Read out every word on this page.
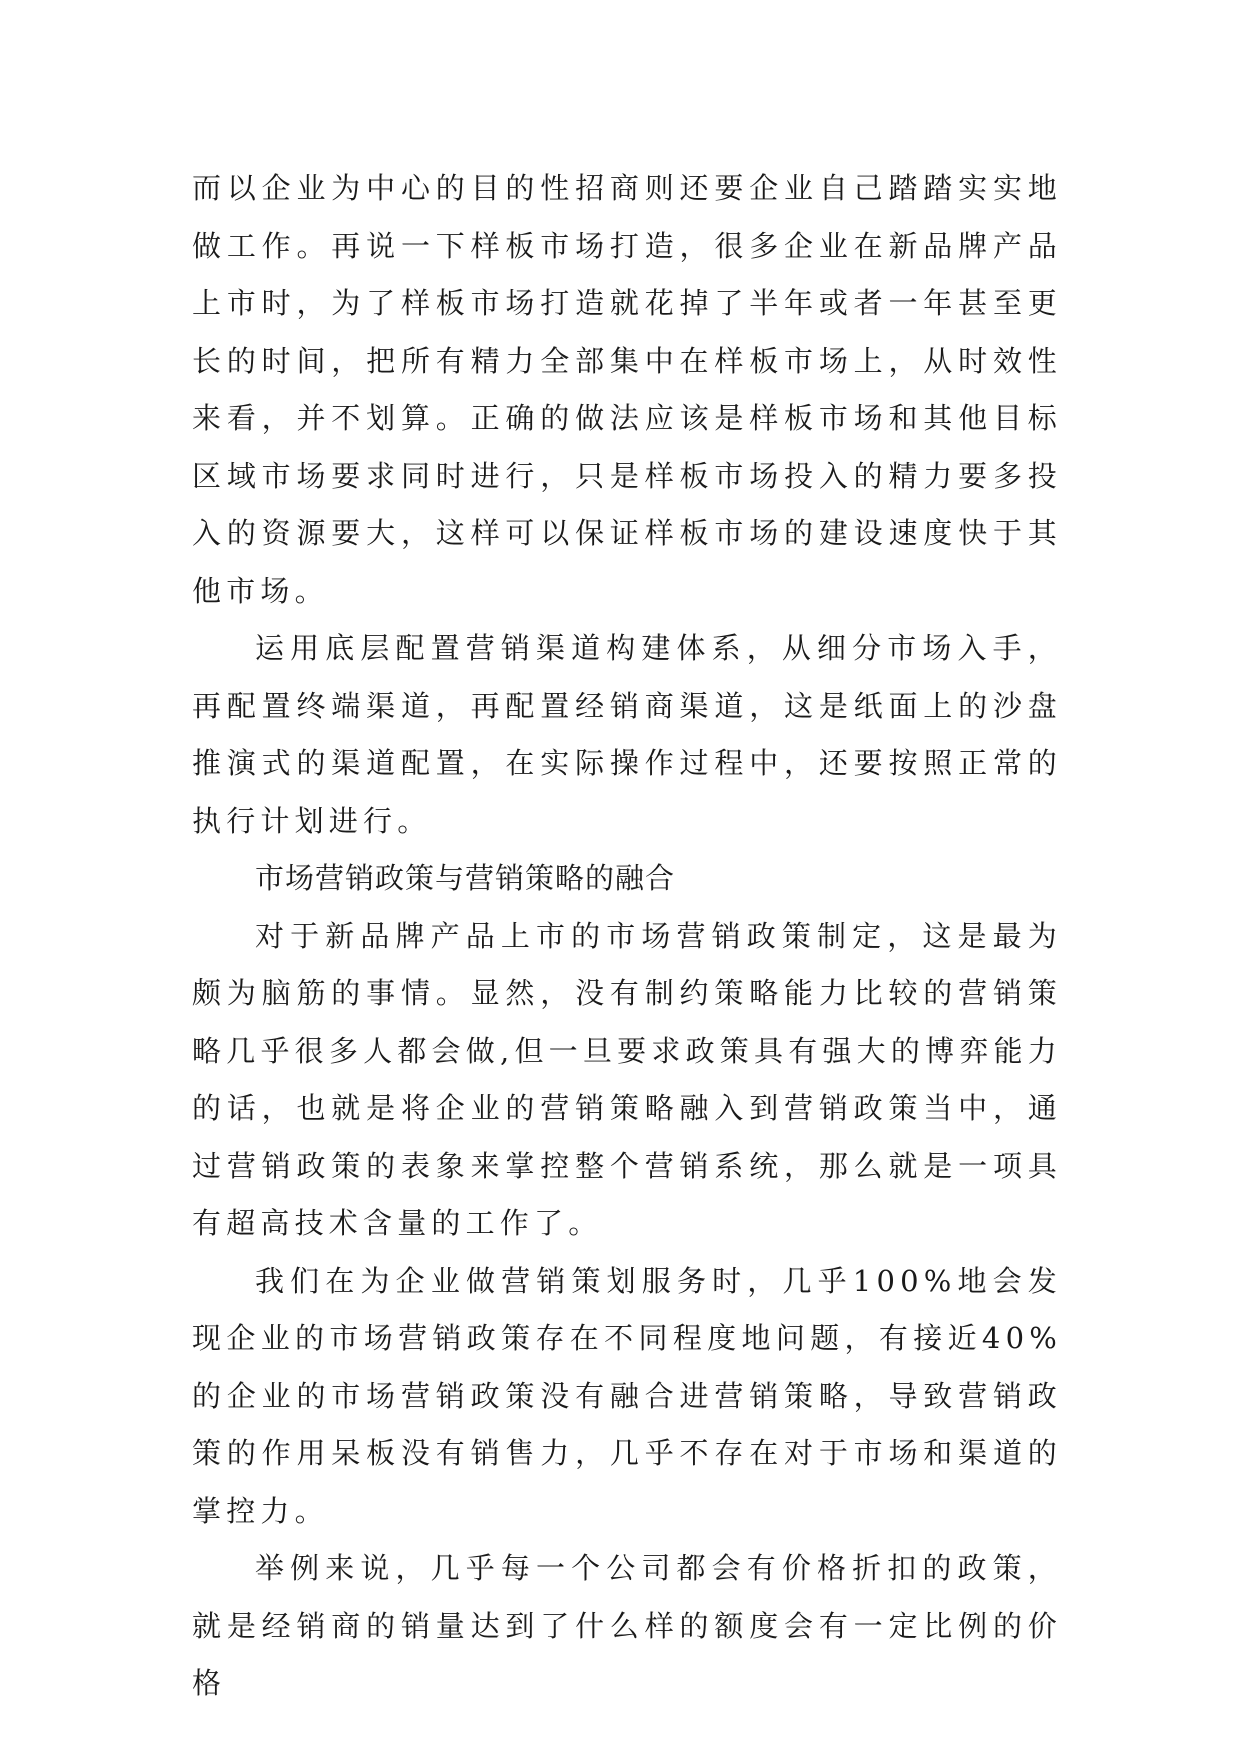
而以企业为中心的目的性招商则还要企业自己踏踏实实地做工作。再说一下样板市场打造，很多企业在新品牌产品上市时，为了样板市场打造就花掉了半年或者一年甚至更长的时间，把所有精力全部集中在样板市场上，从时效性来看，并不划算。正确的做法应该是样板市场和其他目标区域市场要求同时进行，只是样板市场投入的精力要多投入的资源要大，这样可以保证样板市场的建设速度快于其他市场。

运用底层配置营销渠道构建体系，从细分市场入手，再配置终端渠道，再配置经销商渠道，这是纸面上的沙盘推演式的渠道配置，在实际操作过程中，还要按照正常的执行计划进行。

市场营销政策与营销策略的融合

对于新品牌产品上市的市场营销政策制定，这是最为颇为脑筋的事情。显然，没有制约策略能力比较的营销策略几乎很多人都会做,但一旦要求政策具有强大的博弈能力的话，也就是将企业的营销策略融入到营销政策当中，通过营销政策的表象来掌控整个营销系统，那么就是一项具有超高技术含量的工作了。

我们在为企业做营销策划服务时，几乎100%地会发现企业的市场营销政策存在不同程度地问题，有接近40%的企业的市场营销政策没有融合进营销策略，导致营销政策的作用呆板没有销售力，几乎不存在对于市场和渠道的掌控力。

举例来说，几乎每一个公司都会有价格折扣的政策，就是经销商的销量达到了什么样的额度会有一定比例的价格
